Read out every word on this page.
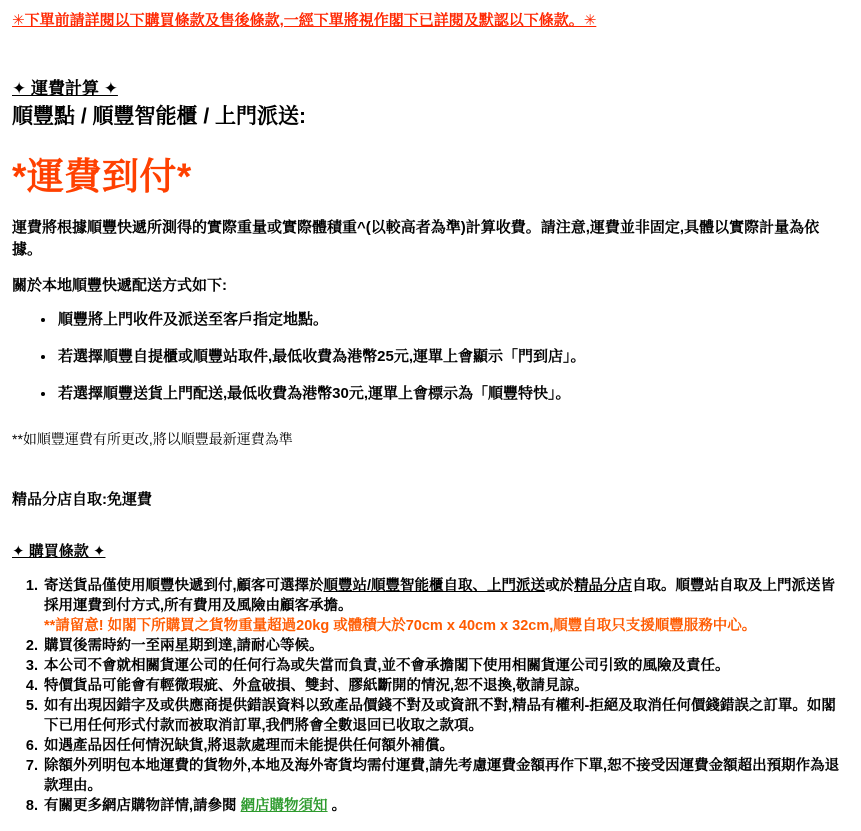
✳下單前請詳閱以下購買條款及售後條款,一經下單將視作閣下已詳閱及默認以下條款。✳

✦ 運費計算 ✦
順豐點 / 順豐智能櫃 / 上門派送:
*運費到付*

運費將根據順豐快遞所測得的實際重量或實際體積重^(以較高者為準)計算收費。請注意,運費並非固定,具體以實際計量為依據。

關於本地順豐快遞配送方式如下:

• 順豐將上門收件及派送至客戶指定地點。
• 若選擇順豐自提櫃或順豐站取件,最低收費為港幣25元,運單上會顯示「門到店」。
• 若選擇順豐送貨上門配送,最低收費為港幣30元,運單上會標示為「順豐特快」。

**如順豐運費有所更改,將以順豐最新運費為準

精品分店自取:免運費

✦ 購買條款 ✦
1. 寄送貨品僅使用順豐快遞到付,顧客可選擇於順豐站/順豐智能櫃自取、上門派送或於精品分店自取。順豐站自取及上門派送皆採用運費到付方式,所有費用及風險由顧客承擔。
**請留意! 如閣下所購買之貨物重量超過20kg 或體積大於70cm x 40cm x 32cm,順豐自取只支援順豐服務中心。
2. 購買後需時約一至兩星期到達,請耐心等候。
3. 本公司不會就相關貨運公司的任何行為或失當而負責,並不會承擔閣下使用相關貨運公司引致的風險及責任。
4. 特價貨品可能會有輕微瑕疵、外盒破損、雙封、膠紙斷開的情況,恕不退換,敬請見諒。
5. 如有出現因錯字及或供應商提供錯誤資料以致產品價錢不對及或資訊不對,精品有權利-拒絕及取消任何價錢錯誤之訂單。如閣下已用任何形式付款而被取消訂單,我們將會全數退回已收取之款項。
6. 如遇產品因任何情況缺貨,將退款處理而未能提供任何額外補償。
7. 除額外列明包本地運費的貨物外,本地及海外寄貨均需付運費,請先考慮運費金額再作下單,恕不接受因運費金額超出預期作為退款理由。
8. 有關更多網店購物詳情,請參閱 網店購物須知 。
